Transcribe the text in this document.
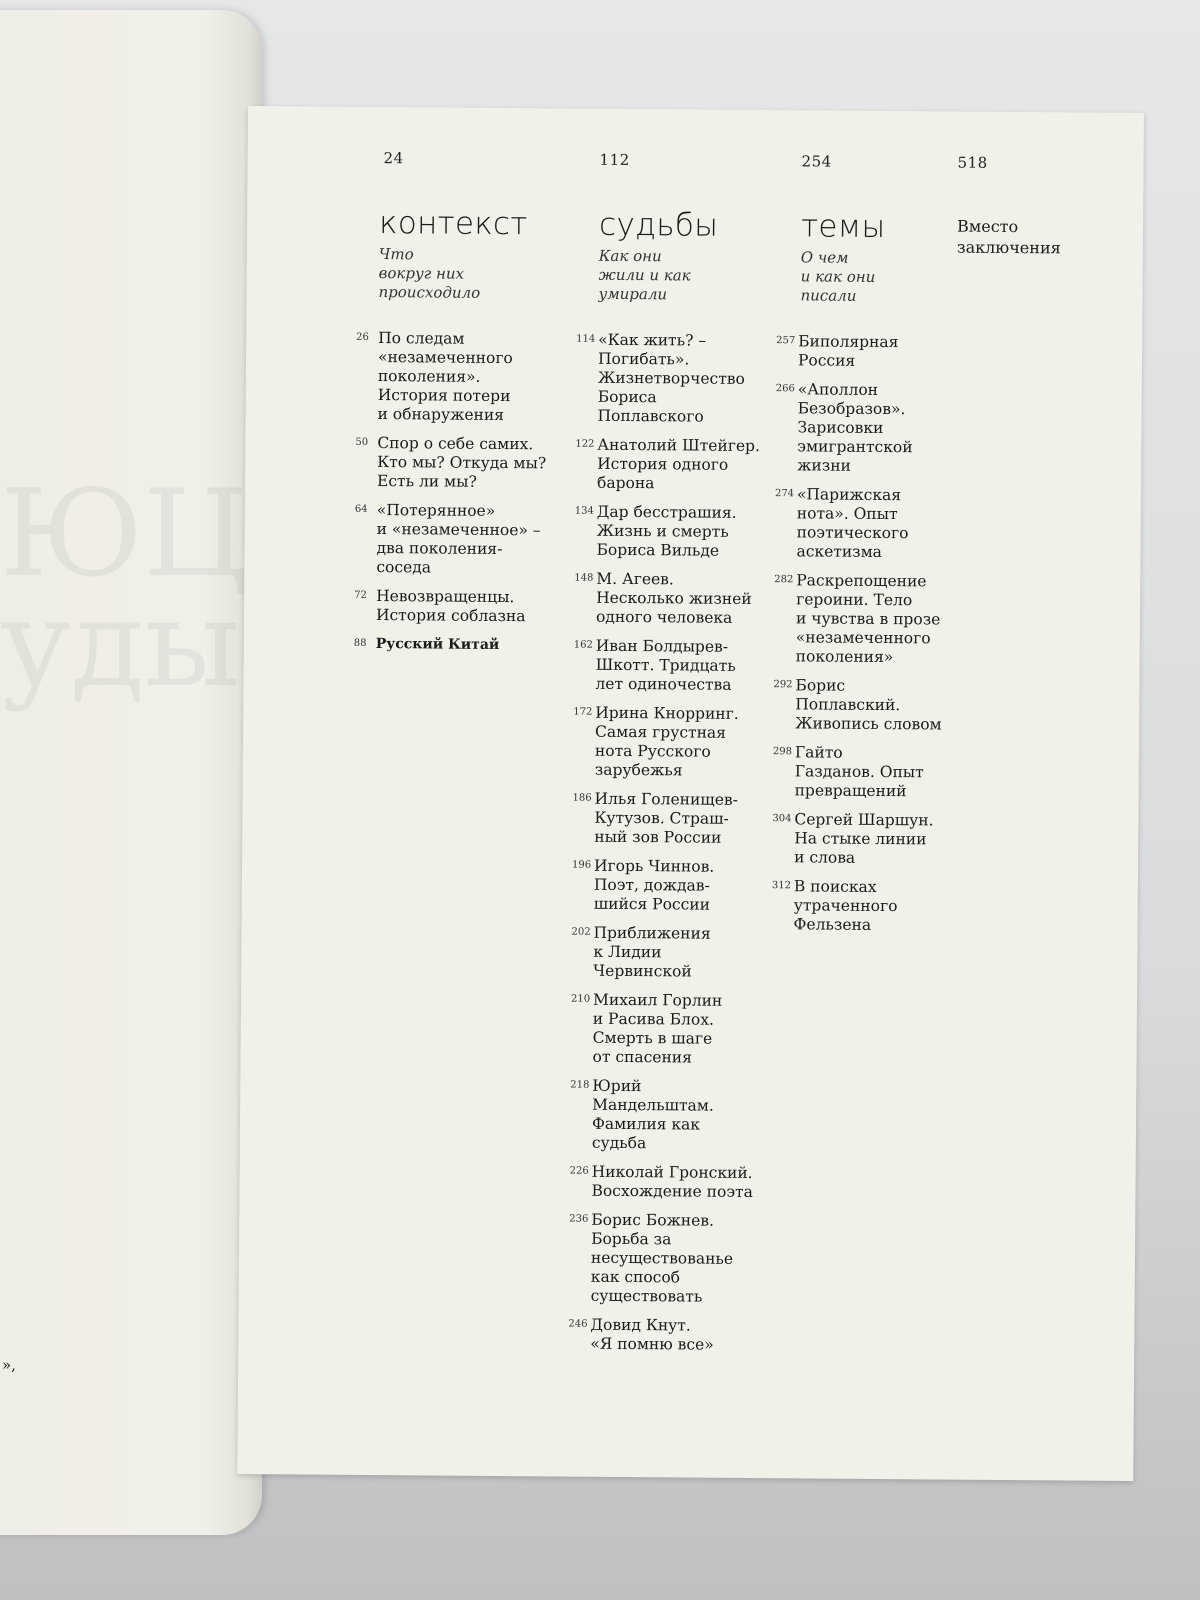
ЮЦ
уды
»,
24
контекст
Что
вокруг них
происходило
26 По следам
«незамеченного
поколения».
История потери
и обнаружения
50 Спор о себе самих.
Кто мы? Откуда мы?
Есть ли мы?
64 «Потерянное»
и «незамеченное» –
два поколения-
соседа
72 Невозвращенцы.
История соблазна
88 Русский Китай
112
судьбы
Как они
жили и как
умирали
114 «Как жить? –
Погибать».
Жизнетворчество
Бориса
Поплавского
122 Анатолий Штейгер.
История одного
барона
134 Дар бесстрашия.
Жизнь и смерть
Бориса Вильде
148 М. Агеев.
Несколько жизней
одного человека
162 Иван Болдырев-
Шкотт. Тридцать
лет одиночества
172 Ирина Кнорринг.
Самая грустная
нота Русского
зарубежья
186 Илья Голенищев-
Кутузов. Страш-
ный зов России
196 Игорь Чиннов.
Поэт, дождав-
шийся России
202 Приближения
к Лидии
Червинской
210 Михаил Горлин
и Расива Блох.
Смерть в шаге
от спасения
218 Юрий
Мандельштам.
Фамилия как
судьба
226 Николай Гронский.
Восхождение поэта
236 Борис Божнев.
Борьба за
несуществованье
как способ
существовать
246 Довид Кнут.
«Я помню все»
254
темы
О чем
и как они
писали
257 Биполярная
Россия
266 «Аполлон
Безобразов».
Зарисовки
эмигрантской
жизни
274 «Парижская
нота». Опыт
поэтического
аскетизма
282 Раскрепощение
героини. Тело
и чувства в прозе
«незамеченного
поколения»
292 Борис
Поплавский.
Живопись словом
298 Гайто
Газданов. Опыт
превращений
304 Сергей Шаршун.
На стыке линии
и слова
312 В поисках
утраченного
Фельзена
518
Вместо
заключения
